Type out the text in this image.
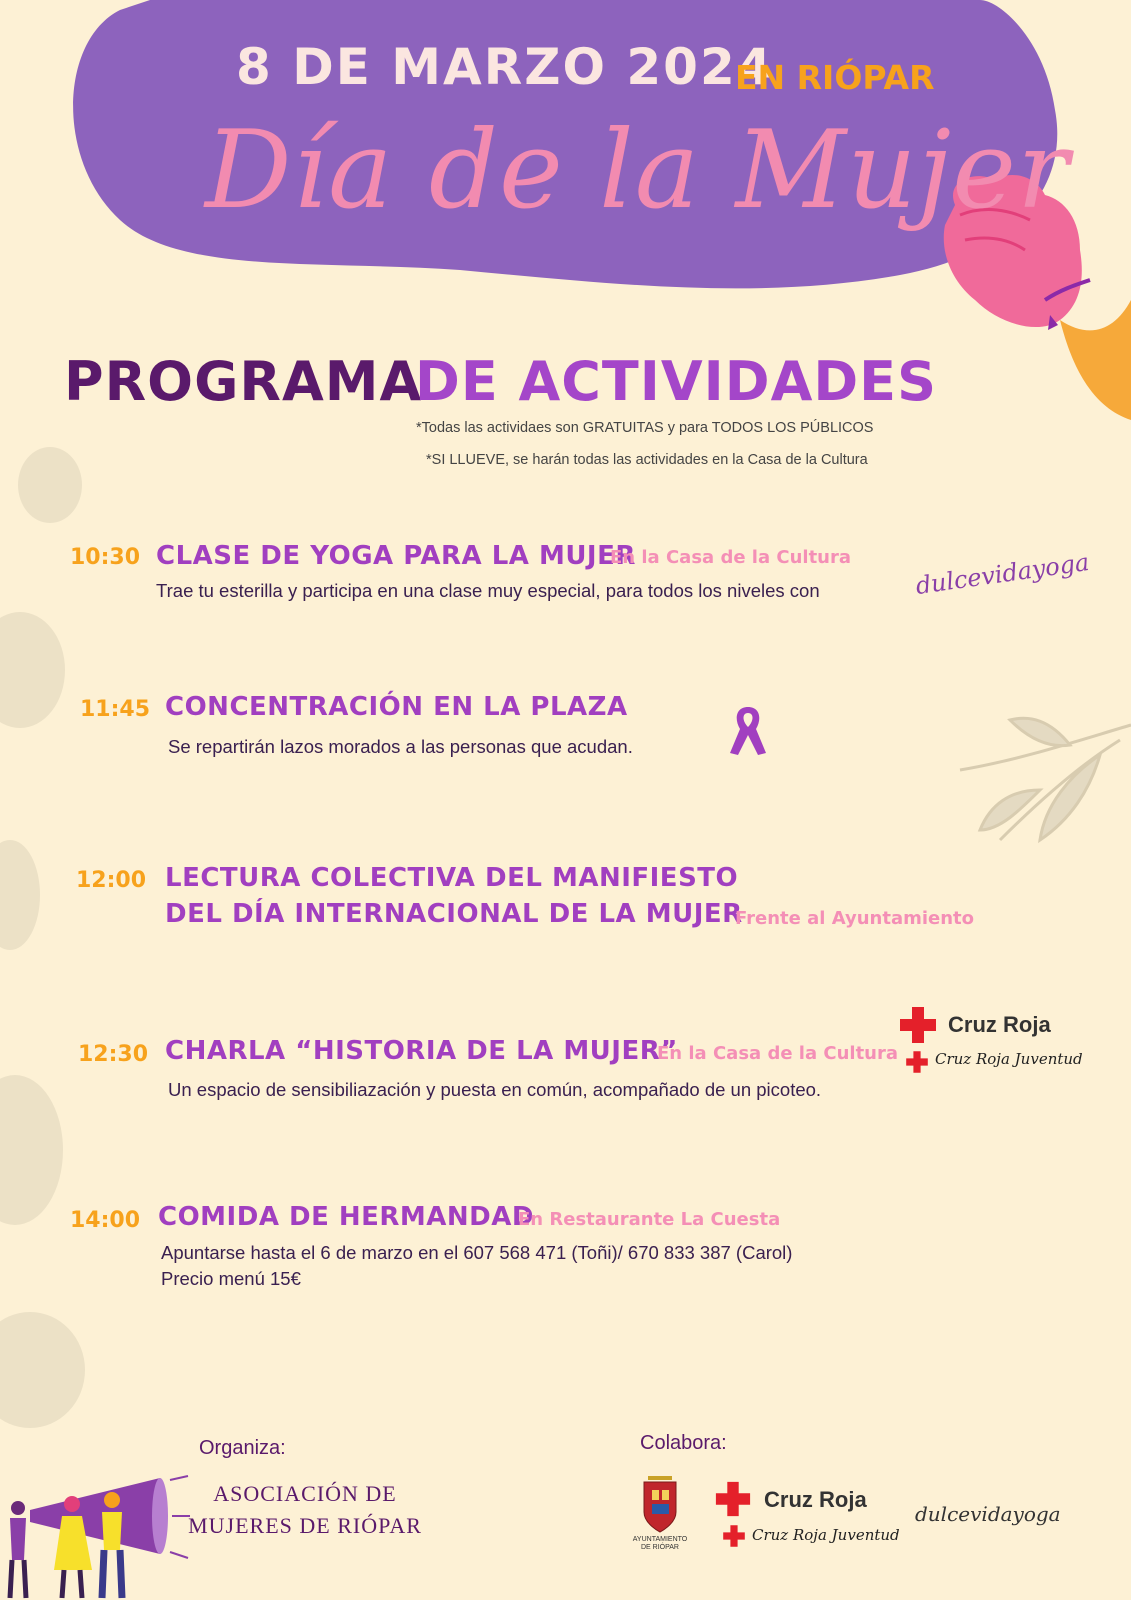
8 DE MARZO 2024
EN RIÓPAR
Día de la Mujer
PROGRAMA
DE ACTIVIDADES
*Todas las actividaes son GRATUITAS y para TODOS LOS PÚBLICOS
*SI LLUEVE, se harán todas las actividades en la Casa de la Cultura
10:30 CLASE DE YOGA PARA LA MUJER
En la Casa de la Cultura
Trae tu esterilla y participa en una clase muy especial, para todos los niveles con	dulcevidayoga
11:45 CONCENTRACIÓN EN LA PLAZA
Se repartirán lazos morados a las personas que acudan.
12:00 LECTURA COLECTIVA DEL MANIFIESTO
DEL DÍA INTERNACIONAL DE LA MUJER
Frente al Ayuntamiento
Cruz Roja
Cruz Roja Juventud
12:30 CHARLA “HISTORIA DE LA MUJER”
En la Casa de la Cultura
Un espacio de sensibiliazación y puesta en común, acompañado de un picoteo.
14:00 COMIDA DE HERMANDAD
En Restaurante La Cuesta
Apuntarse hasta el 6 de marzo en el 607 568 471 (Toñi)/ 670 833 387 (Carol)
Precio menú 15€
Organiza:
ASOCIACIÓN DE
MUJERES DE RIÓPAR
Colabora:
AYUNTAMIENTO
DE RIÓPAR
Cruz Roja
Cruz Roja Juventud
dulcevidayoga
